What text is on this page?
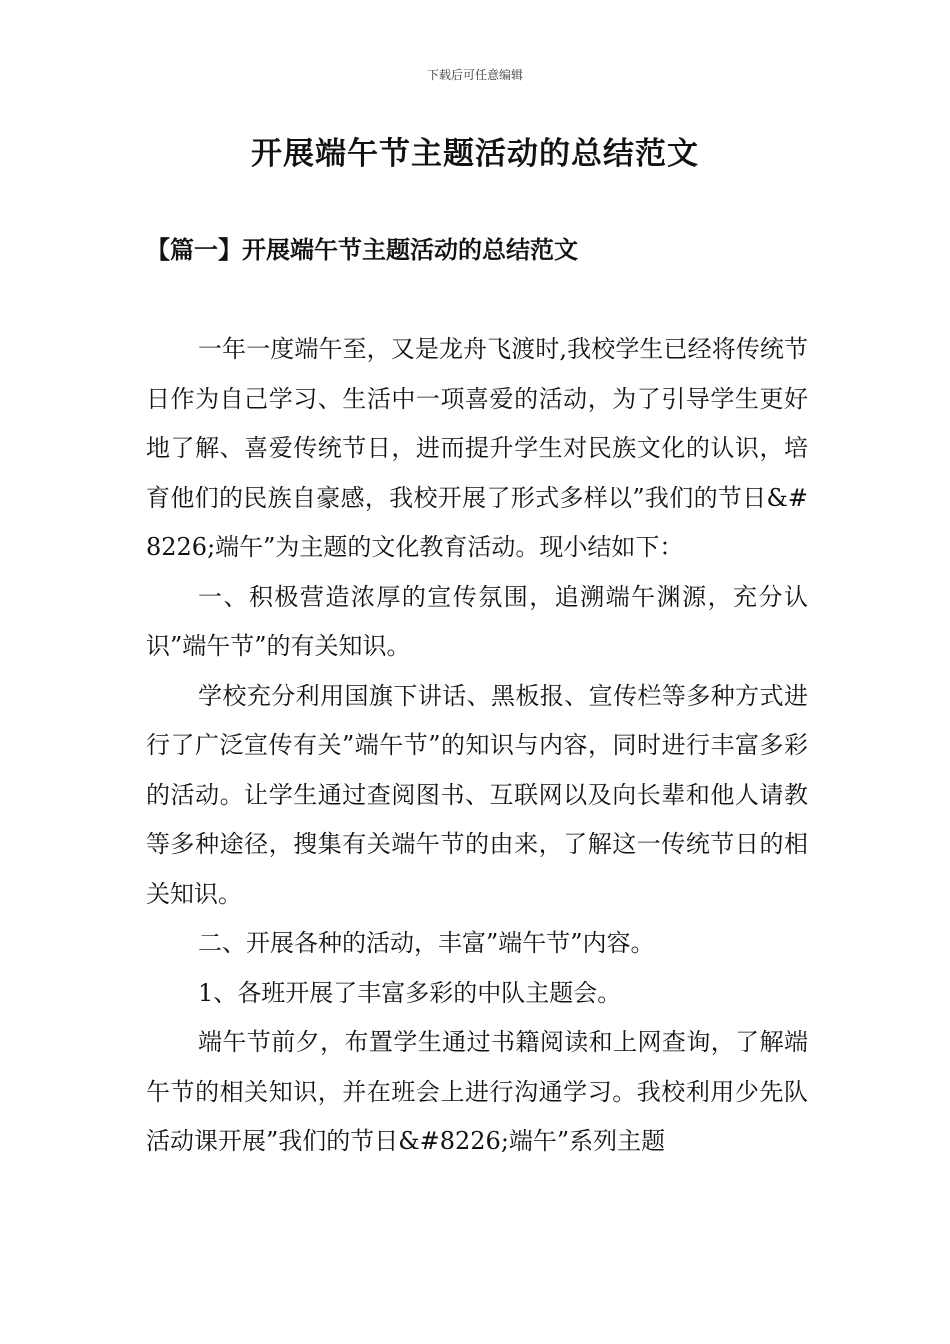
下载后可任意编辑
开展端午节主题活动的总结范文
【篇一】开展端午节主题活动的总结范文

一年一度端午至，又是龙舟飞渡时,我校学生已经将传统节日作为自己学习、生活中一项喜爱的活动，为了引导学生更好地了解、喜爱传统节日，进而提升学生对民族文化的认识，培育他们的民族自豪感，我校开展了形式多样以”我们的节日&#8226;端午”为主题的文化教育活动。现小结如下：

一、积极营造浓厚的宣传氛围，追溯端午渊源，充分认识”端午节”的有关知识。

学校充分利用国旗下讲话、黑板报、宣传栏等多种方式进行了广泛宣传有关”端午节”的知识与内容，同时进行丰富多彩的活动。让学生通过查阅图书、互联网以及向长辈和他人请教等多种途径，搜集有关端午节的由来，了解这一传统节日的相关知识。

二、开展各种的活动，丰富”端午节”内容。

1、各班开展了丰富多彩的中队主题会。

端午节前夕，布置学生通过书籍阅读和上网查询，了解端午节的相关知识，并在班会上进行沟通学习。我校利用少先队活动课开展”我们的节日&#8226;端午”系列主题
